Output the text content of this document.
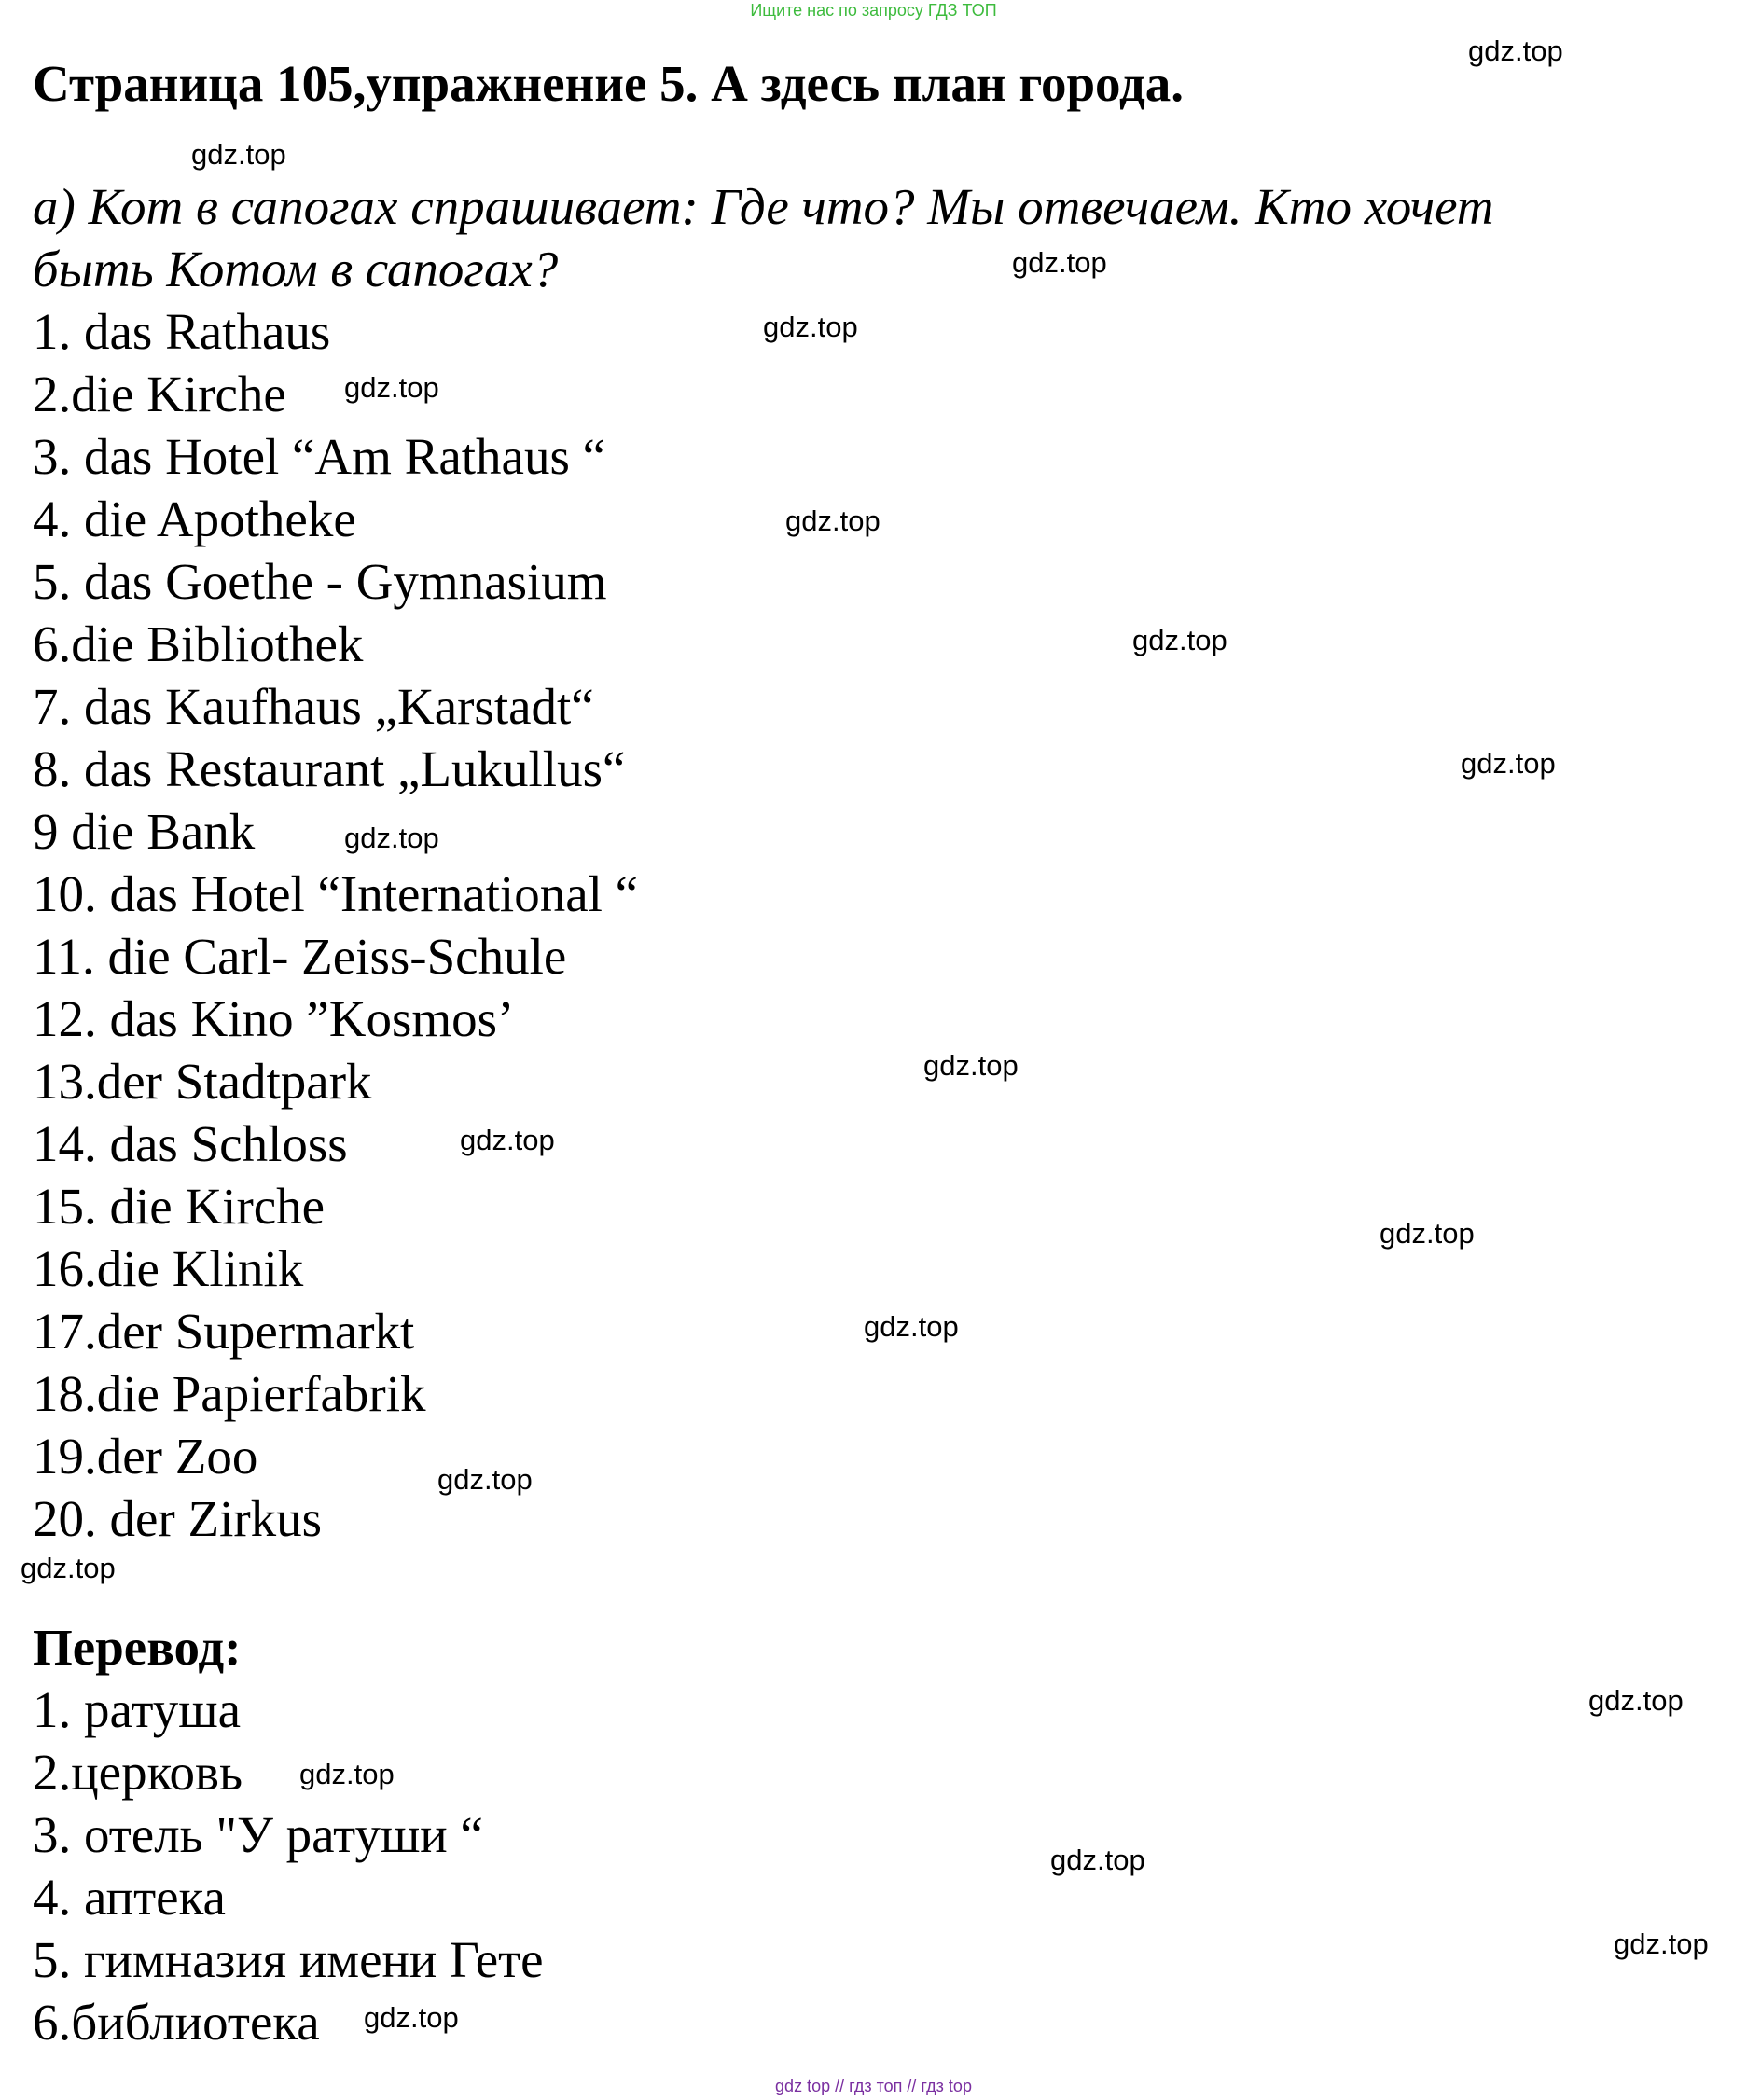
Ищите нас по запросу ГДЗ ТОП
Страница 105,упражнение 5. А здесь план города.

а) Кот в сапогах спрашивает: Где что? Мы отвечаем. Кто хочет
быть Котом в сапогах?

1. das Rathaus

2.die Kirche

3. das Hotel “Am Rathaus “

4. die Apotheke

5. das Goethe - Gymnasium

6.die Bibliothek

7. das Kaufhaus „Karstadt“

8. das Restaurant „Lukullus“

9 die Bank

10. das Hotel “International “

11. die Carl- Zeiss-Schule

12. das Kino ”Kosmos’

13.der Stadtpark

14. das Schloss

15. die Kirche

16.die Klinik

17.der Supermarkt

18.die Papierfabrik

19.der Zoo

20. der Zirkus

Перевод:

1. ратуша

2.церковь

3. отель "У ратуши “

4. аптека

5. гимназия имени Гете

6.библиотека

gdz.top
gdz.top
gdz.top
gdz.top
gdz.top
gdz.top
gdz.top
gdz.top
gdz.top
gdz.top
gdz.top
gdz.top
gdz.top
gdz.top
gdz.top
gdz.top
gdz.top
gdz.top
gdz.top
gdz.top
gdz top // гдз топ // гдз top
